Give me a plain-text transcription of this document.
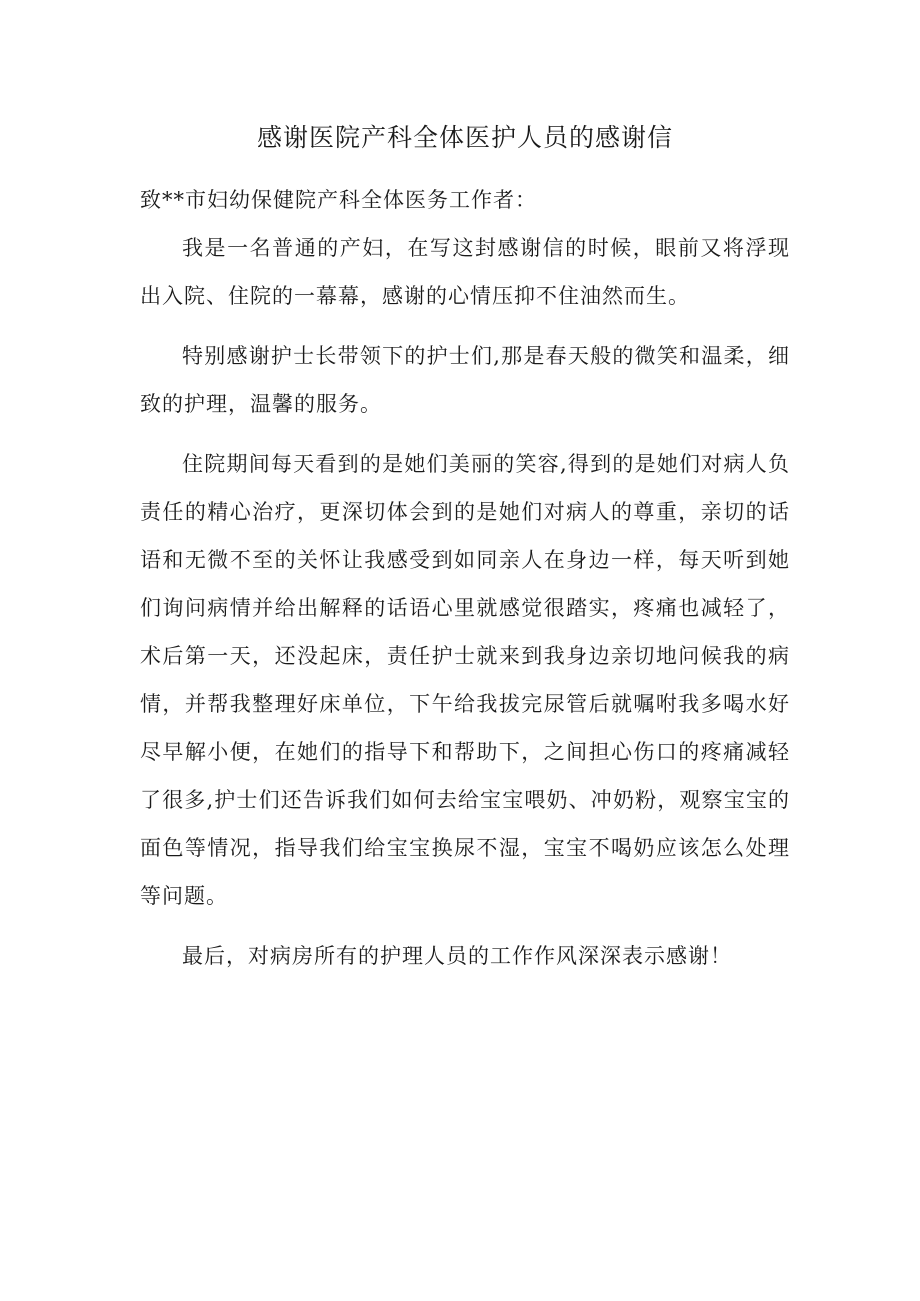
感谢医院产科全体医护人员的感谢信

致**市妇幼保健院产科全体医务工作者：

我是一名普通的产妇，在写这封感谢信的时候，眼前又将浮现出入院、住院的一幕幕，感谢的心情压抑不住油然而生。

特别感谢护士长带领下的护士们,那是春天般的微笑和温柔，细致的护理，温馨的服务。

住院期间每天看到的是她们美丽的笑容,得到的是她们对病人负责任的精心治疗，更深切体会到的是她们对病人的尊重，亲切的话语和无微不至的关怀让我感受到如同亲人在身边一样，每天听到她们询问病情并给出解释的话语心里就感觉很踏实，疼痛也减轻了，术后第一天，还没起床，责任护士就来到我身边亲切地问候我的病情，并帮我整理好床单位，下午给我拔完尿管后就嘱咐我多喝水好尽早解小便，在她们的指导下和帮助下，之间担心伤口的疼痛减轻了很多,护士们还告诉我们如何去给宝宝喂奶、冲奶粉，观察宝宝的面色等情况，指导我们给宝宝换尿不湿，宝宝不喝奶应该怎么处理等问题。

最后，对病房所有的护理人员的工作作风深深表示感谢！
